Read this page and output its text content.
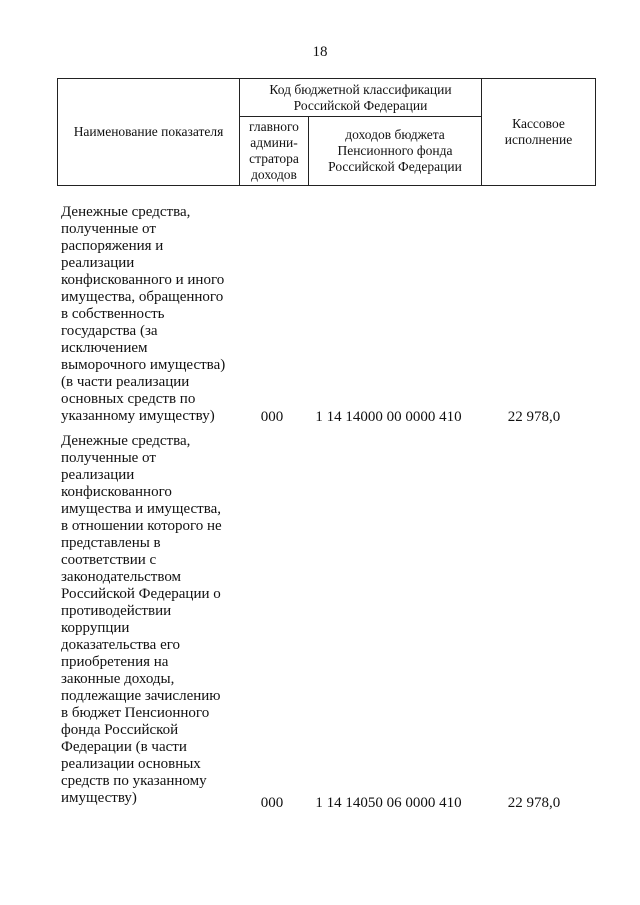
18
Наименование показателя	Код бюджетной классификации Российской Федерации		Кассовое исполнение

	главного админи-стратора доходов	доходов бюджета Пенсионного фонда Российской Федерации	
Денежные средства,
полученные от
распоряжения и
реализации
конфискованного и иного
имущества, обращенного
в собственность
государства (за
исключением
выморочного имущества)
(в части реализации
основных средств по
указанному имуществу)	000	1 14 14000 00 0000 410	22 978,0
Денежные средства,
полученные от
реализации
конфискованного
имущества и имущества,
в отношении которого не
представлены в
соответствии с
законодательством
Российской Федерации о
противодействии
коррупции
доказательства его
приобретения на
законные доходы,
подлежащие зачислению
в бюджет Пенсионного
фонда Российской
Федерации (в части
реализации основных
средств по указанному
имуществу)	000	1 14 14050 06 0000 410	22 978,0
